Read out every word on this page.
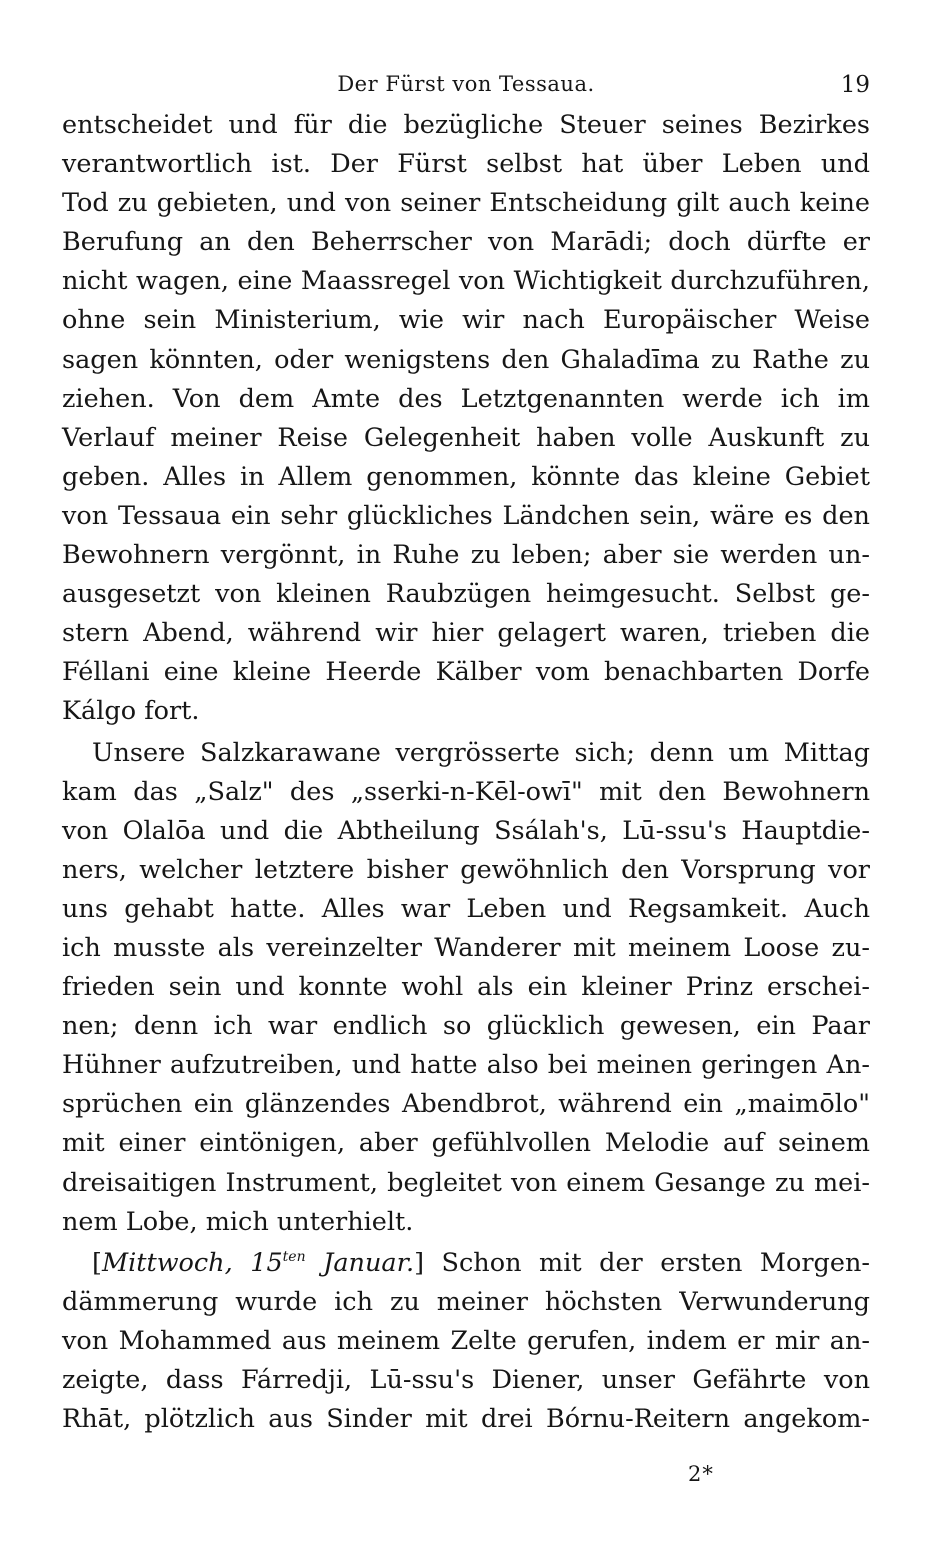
Der Fürst von Tessaua.	19
entscheidet und für die bezügliche Steuer seines Bezirkes
verantwortlich ist. Der Fürst selbst hat über Leben und
Tod zu gebieten, und von seiner Entscheidung gilt auch keine
Berufung an den Beherrscher von Marādi; doch dürfte er
nicht wagen, eine Maassregel von Wichtigkeit durchzuführen,
ohne sein Ministerium, wie wir nach Europäischer Weise
sagen könnten, oder wenigstens den Ghaladīma zu Rathe zu
ziehen. Von dem Amte des Letztgenannten werde ich im
Verlauf meiner Reise Gelegenheit haben volle Auskunft zu
geben. Alles in Allem genommen, könnte das kleine Gebiet
von Tessaua ein sehr glückliches Ländchen sein, wäre es den
Bewohnern vergönnt, in Ruhe zu leben; aber sie werden un-
ausgesetzt von kleinen Raubzügen heimgesucht. Selbst ge-
stern Abend, während wir hier gelagert waren, trieben die
Féllani eine kleine Heerde Kälber vom benachbarten Dorfe
Kálgo fort.
Unsere Salzkarawane vergrösserte sich; denn um Mittag
kam das „Salz" des „sserki-n-Kēl-owī" mit den Bewohnern
von Olalōa und die Abtheilung Ssálah's, Lū-ssu's Hauptdie-
ners, welcher letztere bisher gewöhnlich den Vorsprung vor
uns gehabt hatte. Alles war Leben und Regsamkeit. Auch
ich musste als vereinzelter Wanderer mit meinem Loose zu-
frieden sein und konnte wohl als ein kleiner Prinz erschei-
nen; denn ich war endlich so glücklich gewesen, ein Paar
Hühner aufzutreiben, und hatte also bei meinen geringen An-
sprüchen ein glänzendes Abendbrot, während ein „maimōlo"
mit einer eintönigen, aber gefühlvollen Melodie auf seinem
dreisaitigen Instrument, begleitet von einem Gesange zu mei-
nem Lobe, mich unterhielt.
[Mittwoch, $15^{ten}$ Januar.] Schon mit der ersten Morgen-
dämmerung wurde ich zu meiner höchsten Verwunderung
von Mohammed aus meinem Zelte gerufen, indem er mir an-
zeigte, dass Fárredji, Lū-ssu's Diener, unser Gefährte von
Rhāt, plötzlich aus Sinder mit drei Bórnu-Reitern angekom-
2*
